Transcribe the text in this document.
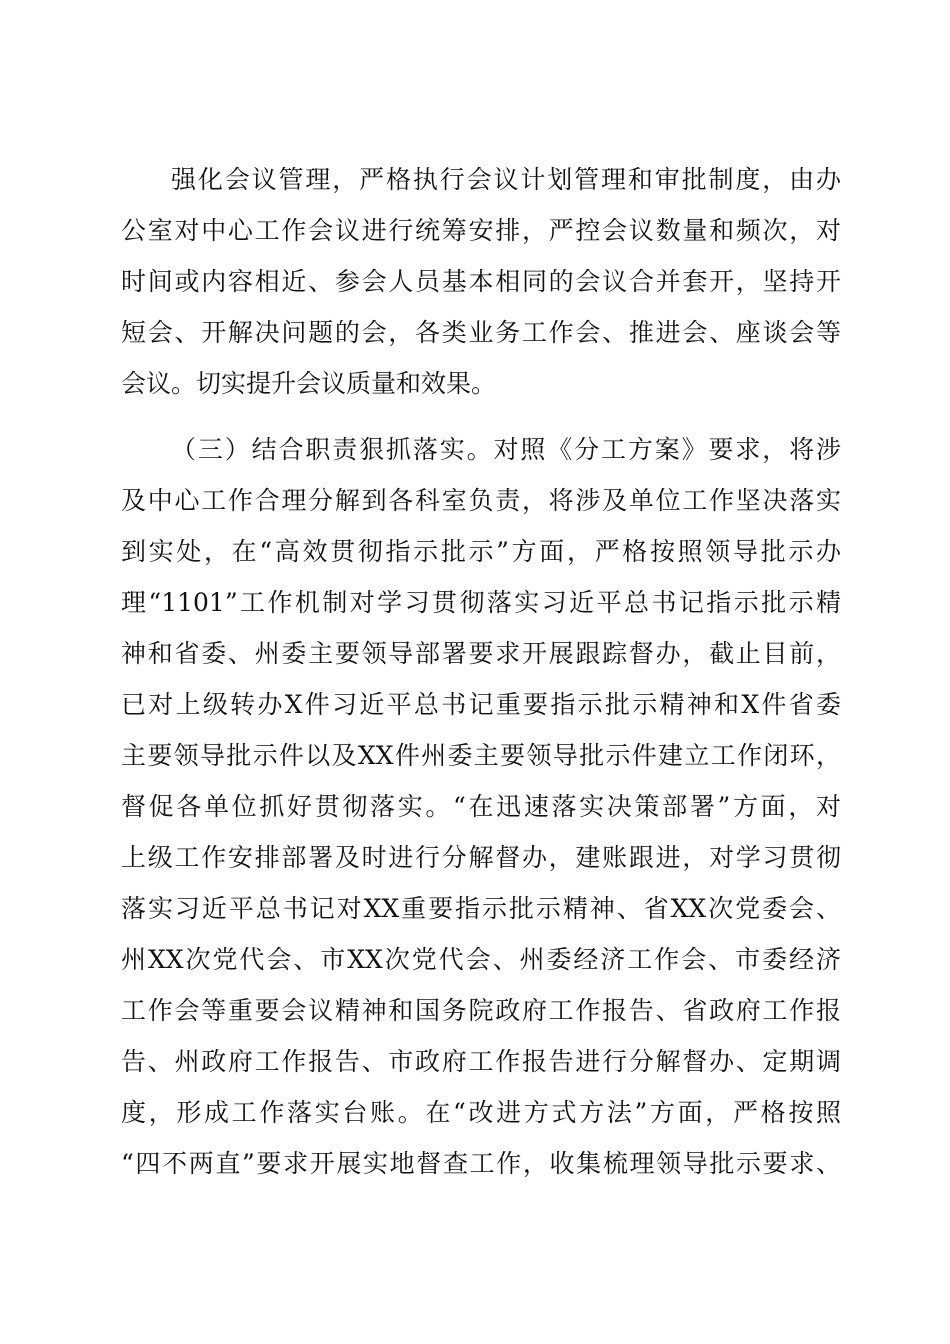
强化会议管理，严格执行会议计划管理和审批制度，由办
公室对中心工作会议进行统筹安排，严控会议数量和频次，对
时间或内容相近、参会人员基本相同的会议合并套开，坚持开
短会、开解决问题的会，各类业务工作会、推进会、座谈会等
会议。切实提升会议质量和效果。
（三）结合职责狠抓落实。对照《分工方案》要求，将涉
及中心工作合理分解到各科室负责，将涉及单位工作坚决落实
到实处，在“高效贯彻指示批示”方面，严格按照领导批示办
理“1101”工作机制对学习贯彻落实习近平总书记指示批示精
神和省委、州委主要领导部署要求开展跟踪督办，截止目前，
已对上级转办X件习近平总书记重要指示批示精神和X件省委
主要领导批示件以及XX件州委主要领导批示件建立工作闭环，
督促各单位抓好贯彻落实。“在迅速落实决策部署”方面，对
上级工作安排部署及时进行分解督办，建账跟进，对学习贯彻
落实习近平总书记对XX重要指示批示精神、省XX次党委会、
州XX次党代会、市XX次党代会、州委经济工作会、市委经济
工作会等重要会议精神和国务院政府工作报告、省政府工作报
告、州政府工作报告、市政府工作报告进行分解督办、定期调
度，形成工作落实台账。在“改进方式方法”方面，严格按照
“四不两直”要求开展实地督查工作，收集梳理领导批示要求、
